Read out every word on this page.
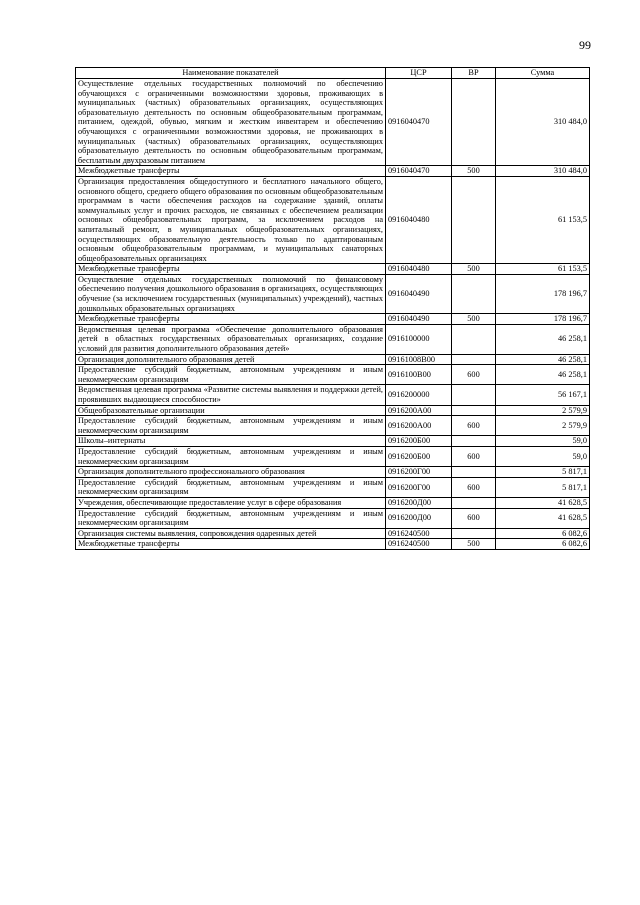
99
Наименование показателей	ЦСР	ВР	Сумма
Осуществление отдельных государственных полномочий по обеспечению обучающихся с ограниченными возможностями здоровья, проживающих в муниципальных (частных) образовательных организациях, осуществляющих образовательную деятельность по основным общеобразовательным программам, питанием, одеждой, обувью, мягким и жестким инвентарем и обеспечению обучающихся с ограниченными возможностями здоровья, не проживающих в муниципальных (частных) образовательных организациях, осуществляющих образовательную деятельность по основным общеобразовательным программам, бесплатным двухразовым питанием	0916040470		310 484,0
Межбюджетные трансферты	0916040470	500	310 484,0
Организация предоставления общедоступного и бесплатного начального общего, основного общего, среднего общего образования по основным общеобразовательным программам в части обеспечения расходов на содержание зданий, оплаты коммунальных услуг и прочих расходов, не связанных с обеспечением реализации основных общеобразовательных программ, за исключением расходов на капитальный ремонт, в муниципальных общеобразовательных организациях, осуществляющих образовательную деятельность только по адаптированным основным общеобразовательным программам, и муниципальных санаторных общеобразовательных организациях	0916040480		61 153,5
Межбюджетные трансферты	0916040480	500	61 153,5
Осуществление отдельных государственных полномочий по финансовому обеспечению получения дошкольного образования в организациях, осуществляющих обучение (за исключением государственных (муниципальных) учреждений), частных дошкольных образовательных организациях	0916040490		178 196,7
Межбюджетные трансферты	0916040490	500	178 196,7
Ведомственная целевая программа «Обеспечение дополнительного образования детей в областных государственных образовательных организациях, создание условий для развития дополнительного образования детей»	0916100000		46 258,1
Организация дополнительного образования детей	09161008В00		46 258,1
Предоставление субсидий бюджетным, автономным учреждениям и иным некоммерческим организациям	0916100В00	600	46 258,1
Ведомственная целевая программа «Развитие системы выявления и поддержки детей, проявивших выдающиеся способности»	0916200000		56 167,1
Общеобразовательные организации	0916200А00		2 579,9
Предоставление субсидий бюджетным, автономным учреждениям и иным некоммерческим организациям	0916200А00	600	2 579,9
Школы–интернаты	0916200Б00		59,0
Предоставление субсидий бюджетным, автономным учреждениям и иным некоммерческим организациям	0916200Б00	600	59,0
Организация дополнительного профессионального образования	0916200Г00		5 817,1
Предоставление субсидий бюджетным, автономным учреждениям и иным некоммерческим организациям	0916200Г00	600	5 817,1
Учреждения, обеспечивающие предоставление услуг в сфере образования	0916200Д00		41 628,5
Предоставление субсидий бюджетным, автономным учреждениям и иным некоммерческим организациям	0916200Д00	600	41 628,5
Организация системы выявления, сопровождения одаренных детей	0916240500		6 082,6
Межбюджетные трансферты	0916240500	500	6 082,6
